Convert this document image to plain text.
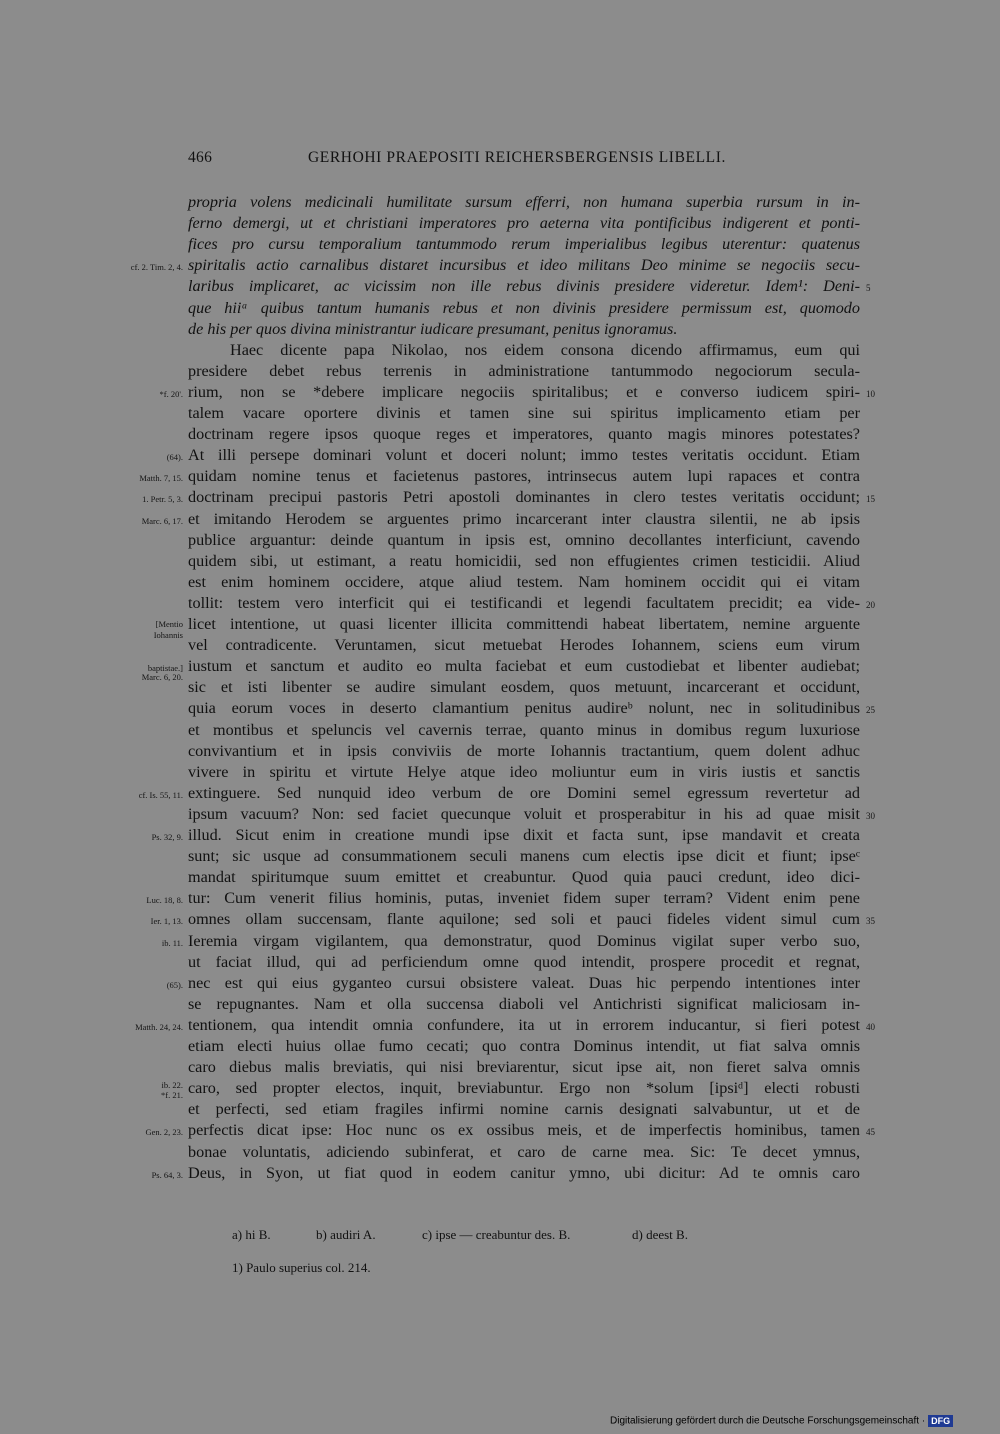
466	GERHOHI PRAEPOSITI REICHERSBERGENSIS LIBELLI.
propria volens medicinali humilitate sursum efferri, non humana superbia rursum in in-
ferno demergi, ut et christiani imperatores pro aeterna vita pontificibus indigerent et ponti-
fices pro cursu temporalium tantummodo rerum imperialibus legibus uterentur: quatenus
spiritalis actio carnalibus distaret incursibus et ideo militans Deo minime se negociis secu-
laribus implicaret, ac vicissim non ille rebus divinis presidere videretur. Idem¹: Deni-
que hiiᵃ quibus tantum humanis rebus et non divinis presidere permissum est, quomodo
de his per quos divina ministrantur iudicare presumant, penitus ignoramus.
Haec dicente papa Nikolao, nos eidem consona dicendo affirmamus, eum qui
presidere debet rebus terrenis in administratione tantummodo negociorum secula-
rium, non se *debere implicare negociis spiritalibus; et e converso iudicem spiri-
talem vacare oportere divinis et tamen sine sui spiritus implicamento etiam per
doctrinam regere ipsos quoque reges et imperatores, quanto magis minores potestates?
At illi persepe dominari volunt et doceri nolunt; immo testes veritatis occidunt. Etiam
quidam nomine tenus et facietenus pastores, intrinsecus autem lupi rapaces et contra
doctrinam precipui pastoris Petri apostoli dominantes in clero testes veritatis occidunt;
et imitando Herodem se arguentes primo incarcerant inter claustra silentii, ne ab ipsis
publice arguantur: deinde quantum in ipsis est, omnino decollantes interficiunt, cavendo
quidem sibi, ut estimant, a reatu homicidii, sed non effugientes crimen testicidii. Aliud
est enim hominem occidere, atque aliud testem. Nam hominem occidit qui ei vitam
tollit: testem vero interficit qui ei testificandi et legendi facultatem precidit; ea vide-
licet intentione, ut quasi licenter illicita committendi habeat libertatem, nemine arguente
vel contradicente. Veruntamen, sicut metuebat Herodes Iohannem, sciens eum virum
iustum et sanctum et audito eo multa faciebat et eum custodiebat et libenter audiebat;
sic et isti libenter se audire simulant eosdem, quos metuunt, incarcerant et occidunt,
quia eorum voces in deserto clamantium penitus audireᵇ nolunt, nec in solitudinibus
et montibus et speluncis vel cavernis terrae, quanto minus in domibus regum luxuriose
convivantium et in ipsis conviviis de morte Iohannis tractantium, quem dolent adhuc
vivere in spiritu et virtute Helye atque ideo moliuntur eum in viris iustis et sanctis
extinguere. Sed nunquid ideo verbum de ore Domini semel egressum revertetur ad
ipsum vacuum? Non: sed faciet quecunque voluit et prosperabitur in his ad quae misit
illud. Sicut enim in creatione mundi ipse dixit et facta sunt, ipse mandavit et creata
sunt; sic usque ad consummationem seculi manens cum electis ipse dicit et fiunt; ipseᶜ
mandat spiritumque suum emittet et creabuntur. Quod quia pauci credunt, ideo dici-
tur: Cum venerit filius hominis, putas, inveniet fidem super terram? Vident enim pene
omnes ollam succensam, flante aquilone; sed soli et pauci fideles vident simul cum
Ieremia virgam vigilantem, qua demonstratur, quod Dominus vigilat super verbo suo,
ut faciat illud, qui ad perficiendum omne quod intendit, prospere procedit et regnat,
nec est qui eius gyganteo cursui obsistere valeat. Duas hic perpendo intentiones inter
se repugnantes. Nam et olla succensa diaboli vel Antichristi significat maliciosam in-
tentionem, qua intendit omnia confundere, ita ut in errorem inducantur, si fieri potest
etiam electi huius ollae fumo cecati; quo contra Dominus intendit, ut fiat salva omnis
caro diebus malis breviatis, qui nisi breviarentur, sicut ipse ait, non fieret salva omnis
caro, sed propter electos, inquit, breviabuntur. Ergo non *solum [ipsiᵈ] electi robusti
et perfecti, sed etiam fragiles infirmi nomine carnis designati salvabuntur, ut et de
perfectis dicat ipse: Hoc nunc os ex ossibus meis, et de imperfectis hominibus, tamen
bonae voluntatis, adiciendo subinferat, et caro de carne mea. Sic: Te decet ymnus,
Deus, in Syon, ut fiat quod in eodem canitur ymno, ubi dicitur: Ad te omnis caro
cf. 2. Tim. 2, 4.
*f. 20'.
(64).
Matth. 7, 15.
1. Petr. 5, 3.
Marc. 6, 17.
[Mentio
Iohannis
baptistae.]
Marc. 6, 20.
cf. Is. 55, 11.
Ps. 32, 9.
Luc. 18, 8.
Ier. 1, 13.
ib. 11.
(65).
Matth. 24, 24.
ib. 22.
*f. 21.
Gen. 2, 23.
Ps. 64, 3.
5
10
15
20
25
30
35
40
45
a) hi B.	b) audiri A.	c) ipse — creabuntur des. B.	d) deest B.
1) Paulo superius col. 214.
Digitalisierung gefördert durch die Deutsche Forschungsgemeinschaft · DFG
